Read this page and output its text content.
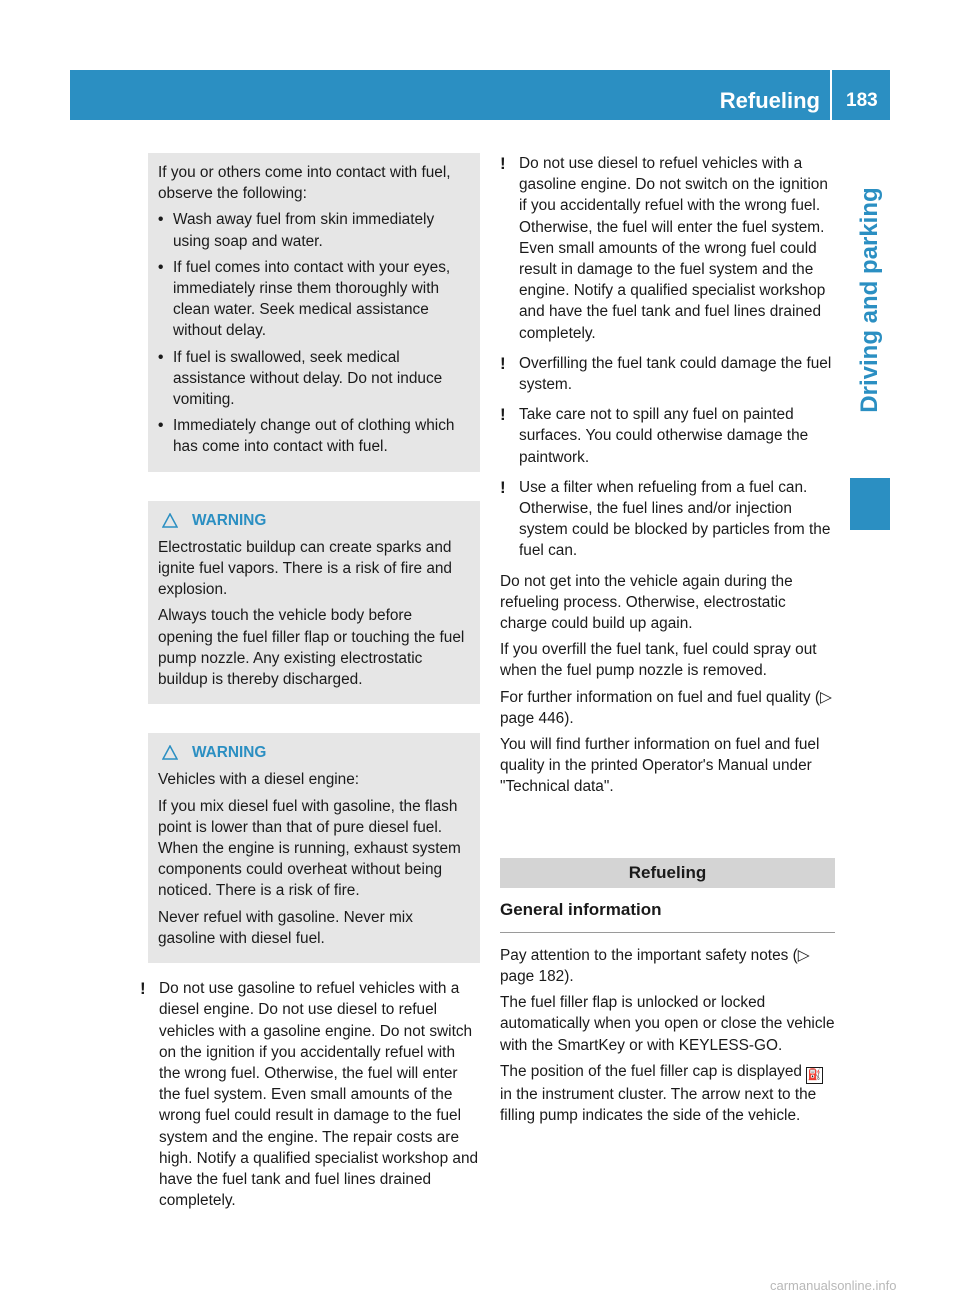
Refueling 183
Driving and parking

If you or others come into contact with fuel, observe the following:

• Wash away fuel from skin immediately using soap and water.
• If fuel comes into contact with your eyes, immediately rinse them thoroughly with clean water. Seek medical assistance without delay.
• If fuel is swallowed, seek medical assistance without delay. Do not induce vomiting.
• Immediately change out of clothing which has come into contact with fuel.
WARNING

Electrostatic buildup can create sparks and ignite fuel vapors. There is a risk of fire and explosion.

Always touch the vehicle body before opening the fuel filler flap or touching the fuel pump nozzle. Any existing electrostatic buildup is thereby discharged.

WARNING

Vehicles with a diesel engine:

If you mix diesel fuel with gasoline, the flash point is lower than that of pure diesel fuel. When the engine is running, exhaust system components could overheat without being noticed. There is a risk of fire.

Never refuel with gasoline. Never mix gasoline with diesel fuel.

! Do not use gasoline to refuel vehicles with a diesel engine. Do not use diesel to refuel vehicles with a gasoline engine. Do not switch on the ignition if you accidentally refuel with the wrong fuel. Otherwise, the fuel will enter the fuel system. Even small amounts of the wrong fuel could result in damage to the fuel system and the engine. The repair costs are high. Notify a qualified specialist workshop and have the fuel tank and fuel lines drained completely.
! Do not use diesel to refuel vehicles with a gasoline engine. Do not switch on the ignition if you accidentally refuel with the wrong fuel. Otherwise, the fuel will enter the fuel system. Even small amounts of the wrong fuel could result in damage to the fuel system and the engine. Notify a qualified specialist workshop and have the fuel tank and fuel lines drained completely.
! Overfilling the fuel tank could damage the fuel system.
! Take care not to spill any fuel on painted surfaces. You could otherwise damage the paintwork.
! Use a filter when refueling from a fuel can. Otherwise, the fuel lines and/or injection system could be blocked by particles from the fuel can.

Do not get into the vehicle again during the refueling process. Otherwise, electrostatic charge could build up again.

If you overfill the fuel tank, fuel could spray out when the fuel pump nozzle is removed.

For further information on fuel and fuel quality (▷ page 446).

You will find further information on fuel and fuel quality in the printed Operator's Manual under "Technical data".

Refueling
General information

Pay attention to the important safety notes (▷ page 182).

The fuel filler flap is unlocked or locked automatically when you open or close the vehicle with the SmartKey or with KEYLESS-GO.

The position of the fuel filler cap is displayed ⛽in the instrument cluster. The arrow next to the filling pump indicates the side of the vehicle.

carmanualsonline.info
